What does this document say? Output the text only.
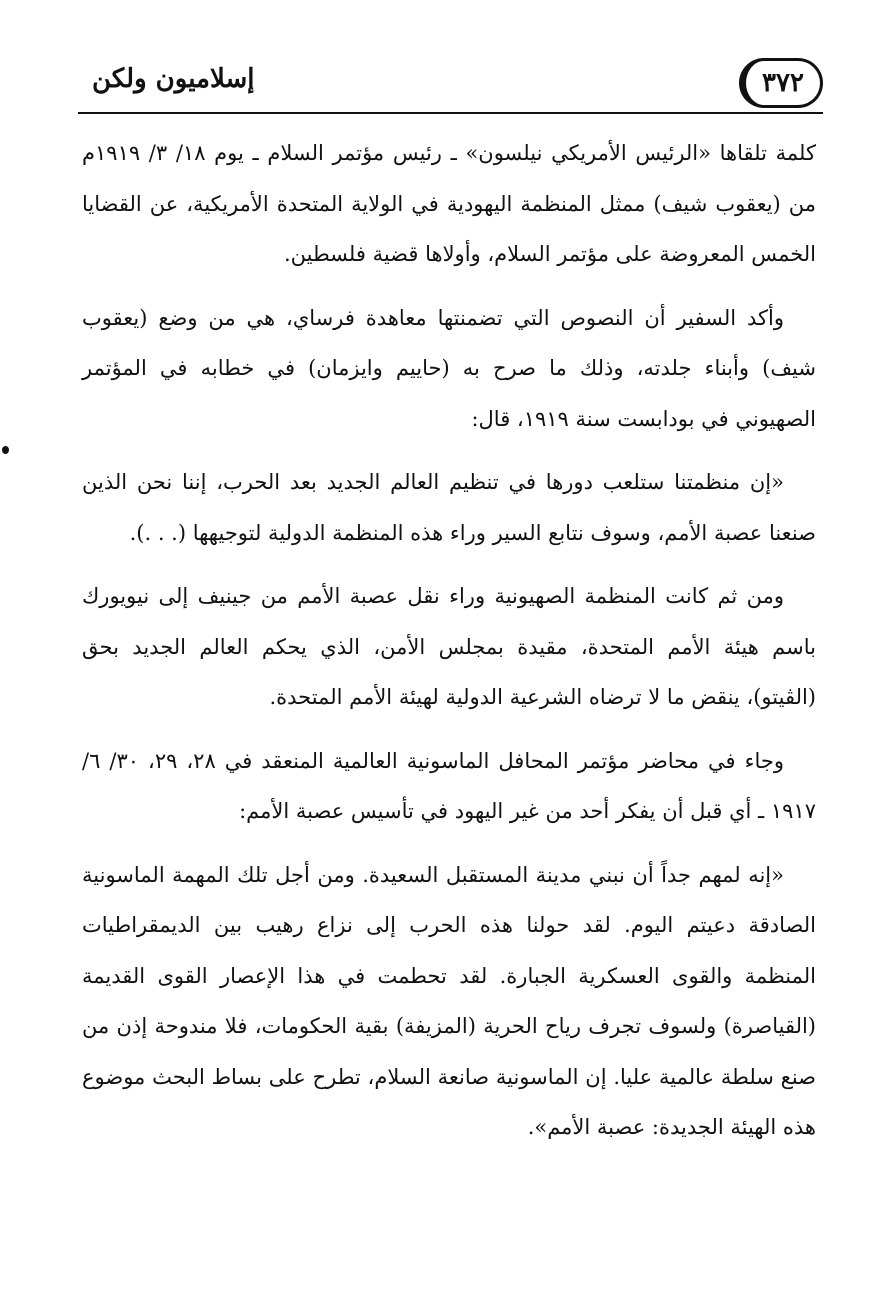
إسلاميون ولكن	٣٧٢

كلمة تلقاها «الرئيس الأمريكي نيلسون» ـ رئيس مؤتمر السلام ـ يوم ١٨/ ٣/ ١٩١٩م من (يعقوب شيف) ممثل المنظمة اليهودية في الولاية المتحدة الأمريكية، عن القضايا الخمس المعروضة على مؤتمر السلام، وأولاها قضية فلسطين.

وأكد السفير أن النصوص التي تضمنتها معاهدة فرساي، هي من وضع (يعقوب شيف) وأبناء جلدته، وذلك ما صرح به (حاييم وايزمان) في خطابه في المؤتمر الصهيوني في بودابست سنة ١٩١٩، قال:

«إن منظمتنا ستلعب دورها في تنظيم العالم الجديد بعد الحرب، إننا نحن الذين صنعنا عصبة الأمم، وسوف نتابع السير وراء هذه المنظمة الدولية لتوجيهها (. . .).

ومن ثم كانت المنظمة الصهيونية وراء نقل عصبة الأمم من جينيف إلى نيويورك باسم هيئة الأمم المتحدة، مقيدة بمجلس الأمن، الذي يحكم العالم الجديد بحق (الڤيتو)، ينقض ما لا ترضاه الشرعية الدولية لهيئة الأمم المتحدة.

وجاء في محاضر مؤتمر المحافل الماسونية العالمية المنعقد في ٢٨، ٢٩، ٣٠/ ٦/ ١٩١٧ ـ أي قبل أن يفكر أحد من غير اليهود في تأسيس عصبة الأمم:

«إنه لمهم جداً أن نبني مدينة المستقبل السعيدة. ومن أجل تلك المهمة الماسونية الصادقة دعيتم اليوم. لقد حولنا هذه الحرب إلى نزاع رهيب بين الديمقراطيات المنظمة والقوى العسكرية الجبارة. لقد تحطمت في هذا الإعصار القوى القديمة (القياصرة) ولسوف تجرف رياح الحرية (المزيفة) بقية الحكومات، فلا مندوحة إذن من صنع سلطة عالمية عليا. إن الماسونية صانعة السلام، تطرح على بساط البحث موضوع هذه الهيئة الجديدة: عصبة الأمم».
